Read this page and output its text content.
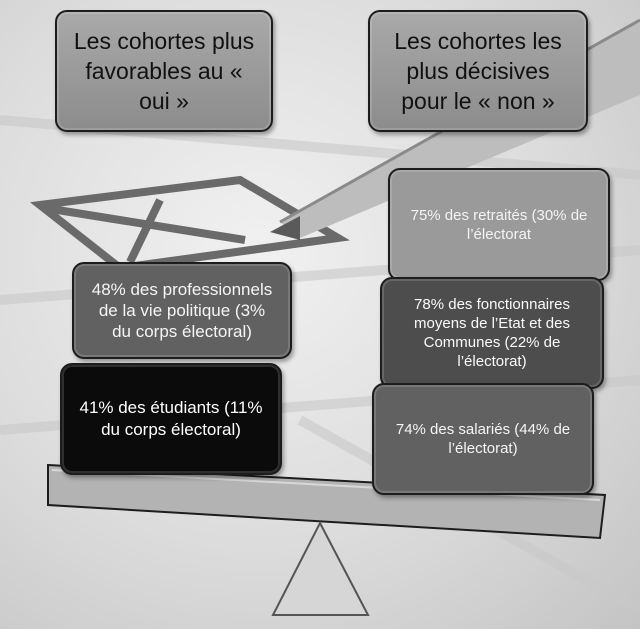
Les cohortes plus favorables au « oui »
Les cohortes les plus décisives pour le « non »
48% des professionnels de la vie politique (3% du corps électoral)
41% des étudiants (11% du corps électoral)
75% des retraités (30% de l’électorat
78% des fonctionnaires moyens de l’Etat et des Communes (22% de l’électorat)
74% des salariés (44% de l’électorat)
